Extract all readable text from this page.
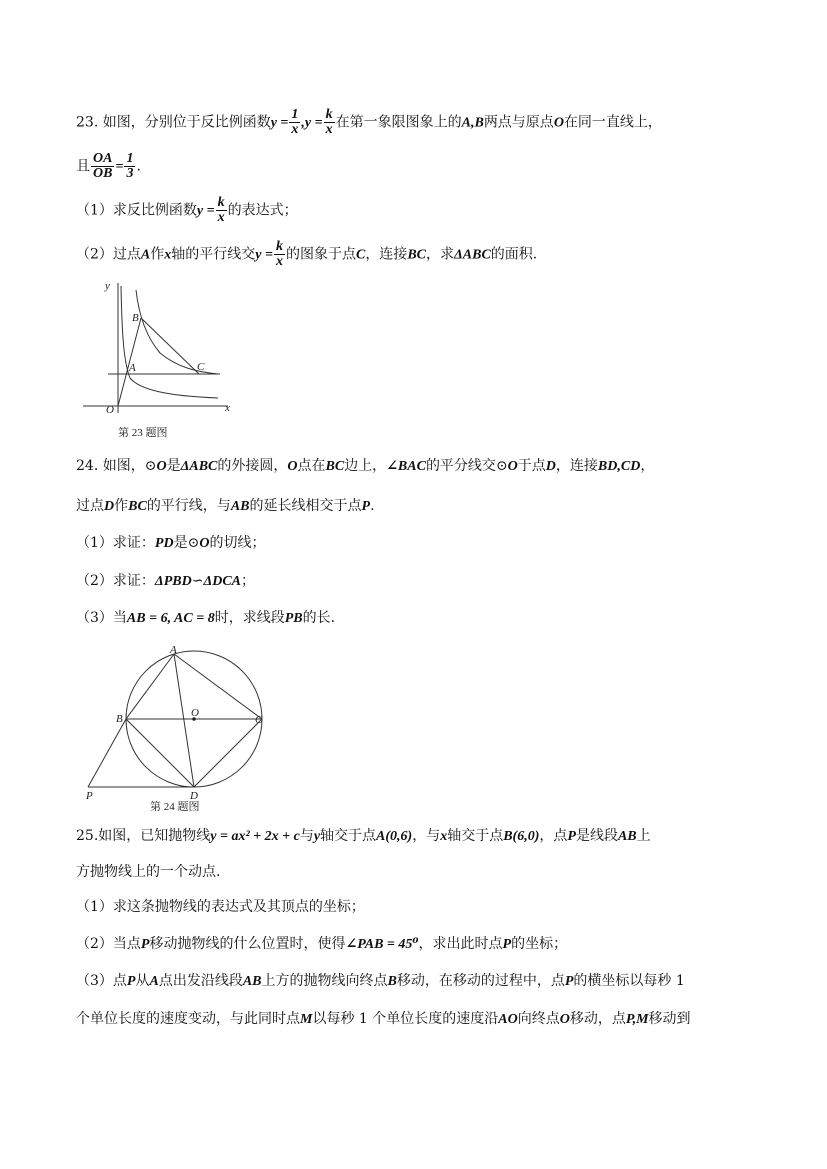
23. 如图，分别位于反比例函数$y = \frac{1}{x} ,y = \frac{k}{x}$ 在第一象限图象上的A,B两点与原点O在同一直线上，
且 $\frac{OA}{OB} = \frac{1}{3}$ .
（1）求反比例函数$y = \frac{k}{x}$ 的表达式；
（2）过点A作x轴的平行线交$y = \frac{k}{x}$ 的图象于点C，连接BC，求ΔABC的面积.
y
x
O
A
B
C
第 23 题图
24. 如图，⊙O是ΔABC的外接圆，O点在BC边上，∠BAC的平分线交⊙O于点D，连接BD,CD，
过点D作BC的平行线，与AB的延长线相交于点P.
（1）求证：PD是⊙O的切线；
（2）求证：ΔPBD∽ΔDCA；
（3）当AB = 6, AC = 8时，求线段PB的长.
A
B	C
O
D
P
第 24 题图
25.如图，已知抛物线y = ax² + 2x + c与y轴交于点A(0,6)，与x轴交于点B(6,0)，点P是线段AB上
方抛物线上的一个动点.
（1）求这条抛物线的表达式及其顶点的坐标；
（2）当点P移动抛物线的什么位置时，使得∠PAB = 45⁰，求出此时点P的坐标；
（3）点P从A点出发沿线段AB上方的抛物线向终点B移动，在移动的过程中，点P的横坐标以每秒 1
个单位长度的速度变动，与此同时点M以每秒 1 个单位长度的速度沿AO向终点O移动，点P,M移动到
